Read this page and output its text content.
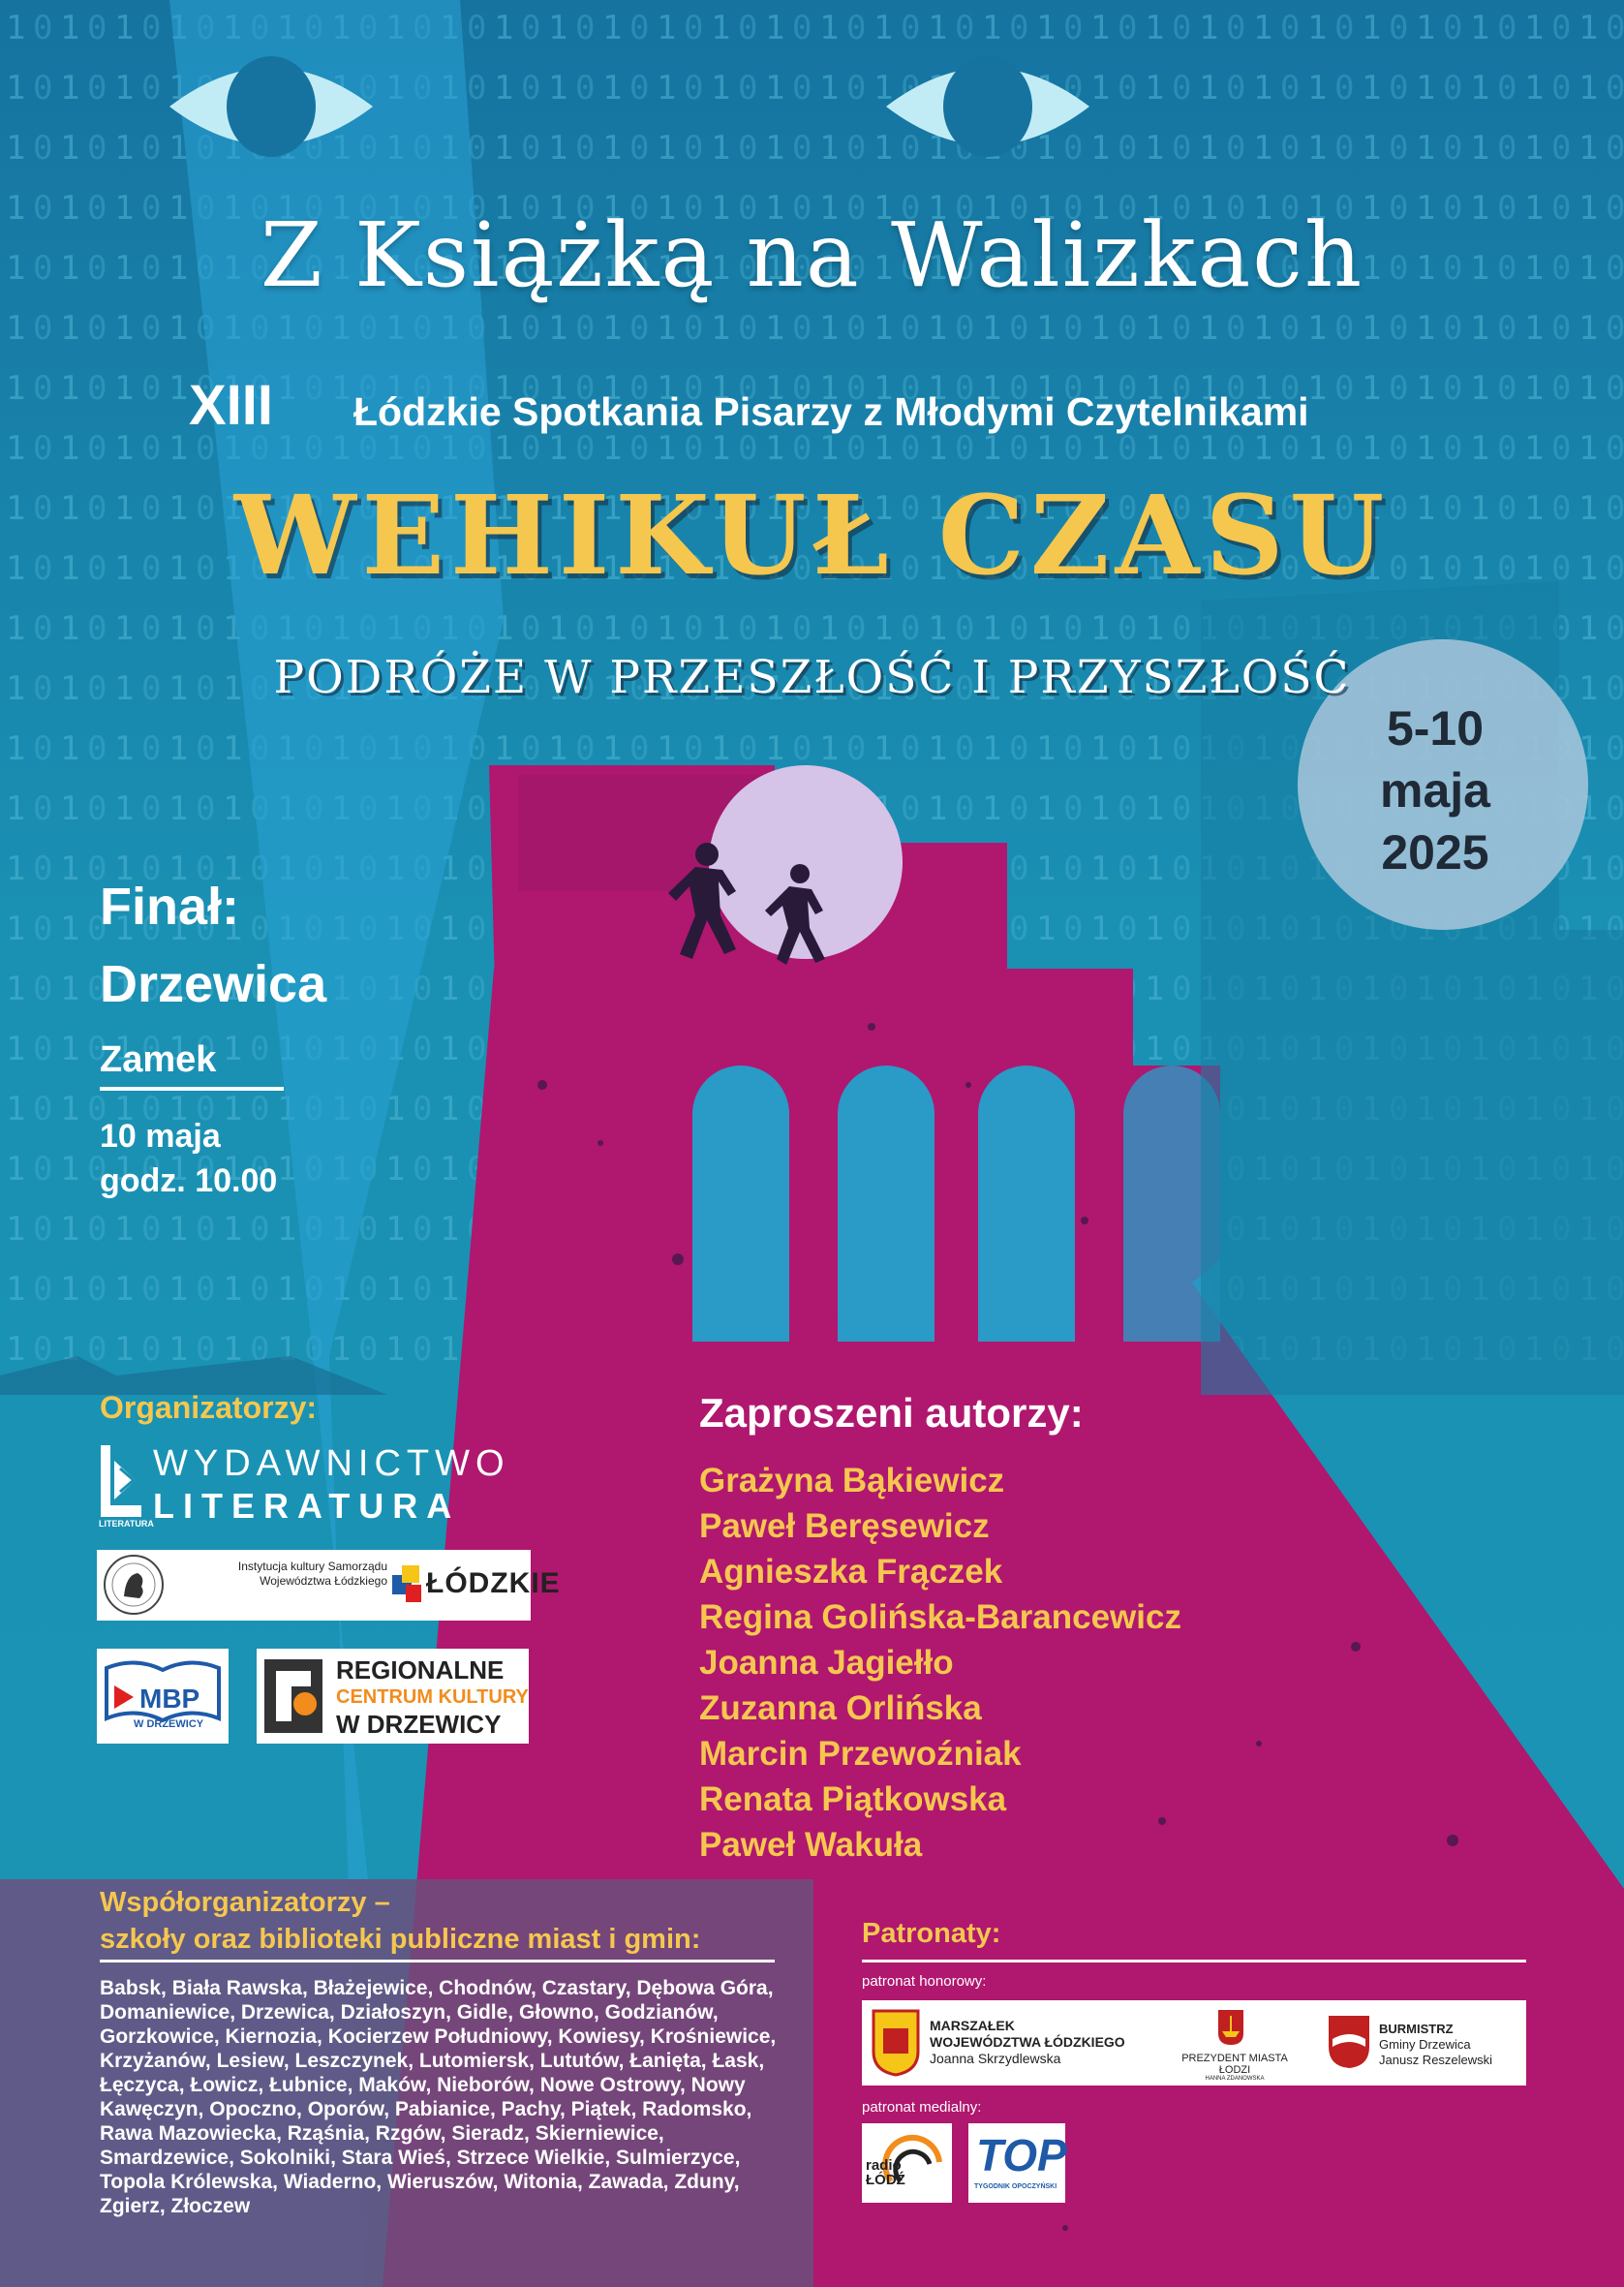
Z Książką na Walizkach
XIII Łódzkie Spotkania Pisarzy z Młodymi Czytelnikami
WEHIKUŁ CZASU
PODRÓŻE W PRZESZŁOŚĆ I PRZYSZŁOŚĆ
5-10
maja
2025
Finał:
Drzewica
Zamek
10 maja
godz. 10.00
Organizatorzy:
WYDAWNICTWO
LITERATURA
LITERATURA
Instytucja kultury Samorządu Województwa Łódzkiego ŁÓDZKIE
MBP
W DRZEWICY
REGIONALNE
CENTRUM KULTURY
W DRZEWICY
Zaproszeni autorzy:
Grażyna Bąkiewicz
Paweł Beręsewicz
Agnieszka Frączek
Regina Golińska-Barancewicz
Joanna Jagiełło
Zuzanna Orlińska
Marcin Przewoźniak
Renata Piątkowska
Paweł Wakuła
Współorganizatorzy –
szkoły oraz biblioteki publiczne miast i gmin:
Babsk, Biała Rawska, Błażejewice, Chodnów, Czastary, Dębowa Góra, Domaniewice, Drzewica, Działoszyn, Gidle, Głowno, Godzianów, Gorzkowice, Kiernozia, Kocierzew Południowy, Kowiesy, Krośniewice, Krzyżanów, Lesiew, Leszczynek, Lutomiersk, Lututów, Łanięta, Łask, Łęczyca, Łowicz, Łubnice, Maków, Nieborów, Nowe Ostrowy, Nowy Kawęczyn, Opoczno, Oporów, Pabianice, Pachy, Piątek, Radomsko, Rawa Mazowiecka, Rząśnia, Rzgów, Sieradz, Skierniewice, Smardzewice, Sokolniki, Stara Wieś, Strzece Wielkie, Sulmierzyce, Topola Królewska, Wiaderno, Wieruszów, Witonia, Zawada, Zduny, Zgierz, Złoczew
Patronaty:
patronat honorowy:
MARSZAŁEK
WOJEWÓDZTWA ŁÓDZKIEGO
Joanna Skrzydlewska	PREZYDENT MIASTA ŁODZI
HANNA ZDANOWSKA
BURMISTRZ
Gminy Drzewica
Janusz Reszelewski
patronat medialny:
radio
ŁÓDŹ TOP
TYGODNIK OPOCZYŃSKI
